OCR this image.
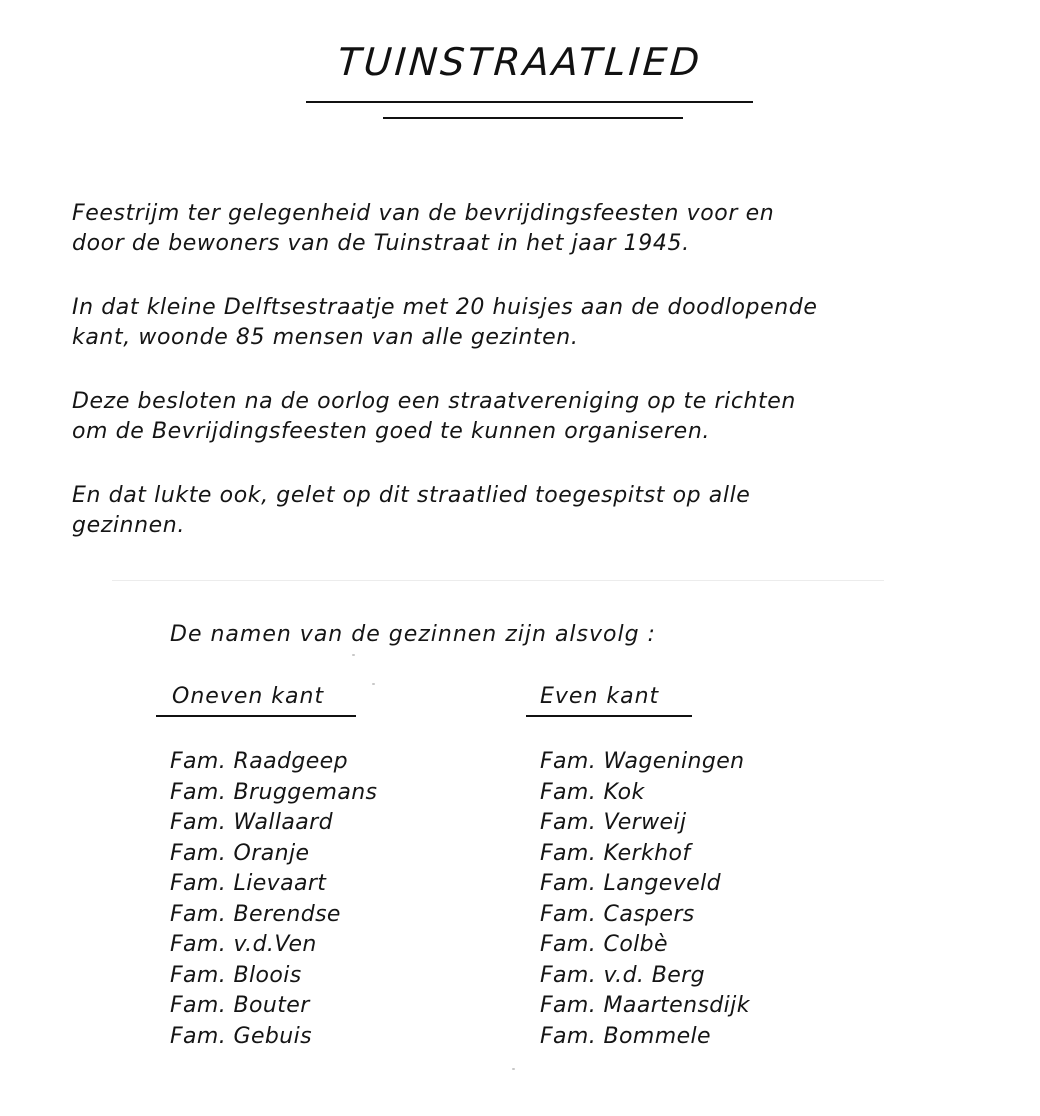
TUINSTRAATLIED

Feestrijm ter gelegenheid van de bevrijdingsfeesten voor en
door de bewoners van de Tuinstraat in het jaar 1945.

In dat kleine Delftsestraatje met 20 huisjes aan de doodlopende
kant, woonde 85 mensen van alle gezinten.

Deze besloten na de oorlog een straatvereniging op te richten
om de Bevrijdingsfeesten goed te kunnen organiseren.

En dat lukte ook, gelet op dit straatlied toegespitst op alle
gezinnen.

De namen van de gezinnen zijn alsvolg :

Oneven kant	Even kant
Fam. Raadgeep
Fam. Bruggemans
Fam. Wallaard
Fam. Oranje
Fam. Lievaart
Fam. Berendse
Fam. v.d.Ven
Fam. Bloois
Fam. Bouter
Fam. Gebuis
Fam. Wageningen
Fam. Kok
Fam. Verweij
Fam. Kerkhof
Fam. Langeveld
Fam. Caspers
Fam. Colbè
Fam. v.d. Berg
Fam. Maartensdijk
Fam. Bommele
